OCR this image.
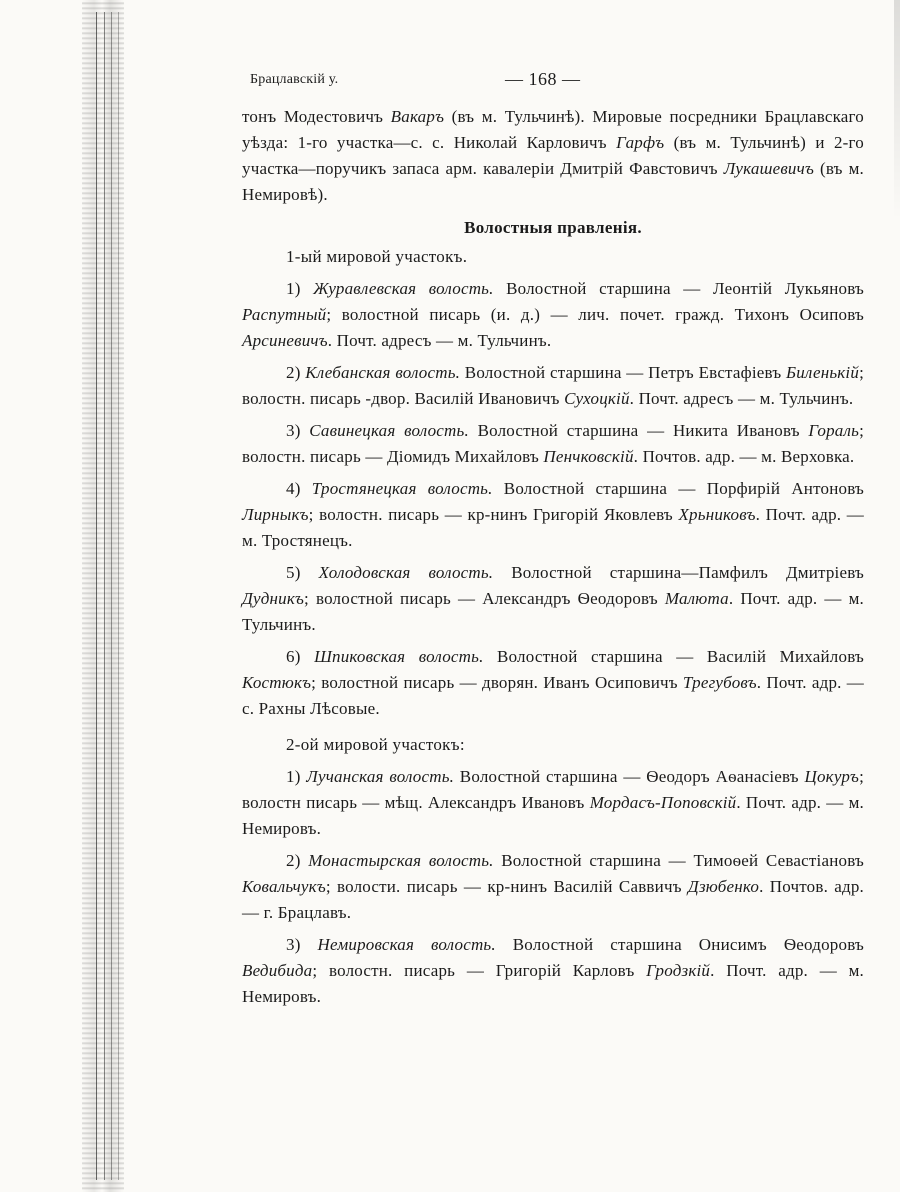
Брацлавскій у.	— 168 —

тонъ Модестовичъ Вакаръ (въ м. Тульчинѣ). Мировые посредники Брацлавскаго уѣзда: 1-го участка—с. с. Николай Карловичъ Гарфъ (въ м. Тульчинѣ) и 2-го участка—поручикъ запаса арм. кавалеріи Дмитрій Фавстовичъ Лукашевичъ (въ м. Немировѣ).

Волостныя правленія.
1-ый мировой участокъ.

1) Журавлевская волость. Волостной старшина — Леонтій Лукьяновъ Распутный; волостной писарь (и. д.) — лич. почет. гражд. Тихонъ Осиповъ Арсиневичъ. Почт. адресъ — м. Тульчинъ.

2) Клебанская волость. Волостной старшина — Петръ Евстафіевъ Биленькій; волостн. писарь -двор. Василій Ивановичъ Сухоцкій. Почт. адресъ — м. Тульчинъ.

3) Савинецкая волость. Волостной старшина — Никита Ивановъ Гораль; волостн. писарь — Діомидъ Михайловъ Пенчковскій. Почтов. адр. — м. Верховка.

4) Тростянецкая волость. Волостной старшина — Порфирій Антоновъ Лирныкъ; волостн. писарь — кр-нинъ Григорій Яковлевъ Хрьниковъ. Почт. адр. — м. Тростянецъ.

5) Холодовская волость. Волостной старшина—Памфилъ Дмитріевъ Дудникъ; волостной писарь — Александръ Ѳеодоровъ Малюта. Почт. адр. — м. Тульчинъ.

6) Шпиковская волость. Волостной старшина — Василій Михайловъ Костюкъ; волостной писарь — дворян. Иванъ Осиповичъ Трегубовъ. Почт. адр. — с. Рахны Лѣсовые.

2-ой мировой участокъ:

1) Лучанская волость. Волостной старшина — Ѳеодоръ Аѳанасіевъ Цокуръ; волостн писарь — мѣщ. Александръ Ивановъ Мордасъ-Поповскій. Почт. адр. — м. Немировъ.

2) Монастырская волость. Волостной старшина — Тимоѳей Севастіановъ Ковальчукъ; волости. писарь — кр-нинъ Василій Саввичъ Дзюбенко. Почтов. адр. — г. Брацлавъ.

3) Немировская волость. Волостной старшина Онисимъ Ѳеодоровъ Ведибида; волостн. писарь — Григорій Карловъ Гродзкій. Почт. адр. — м. Немировъ.
